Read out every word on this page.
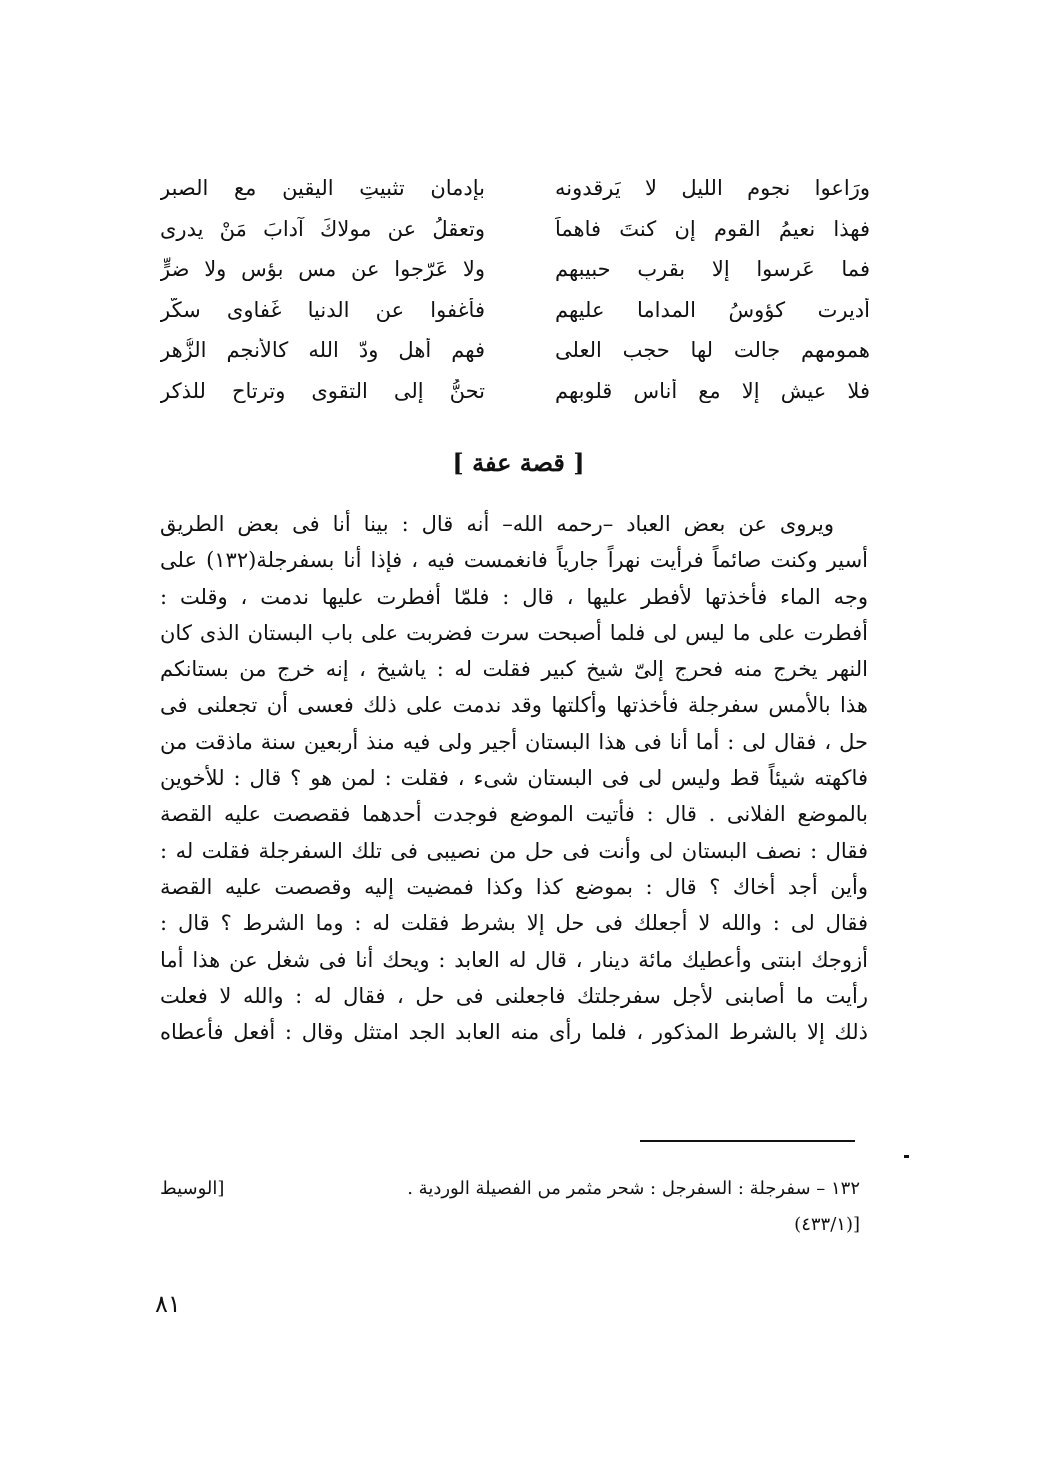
ورَاعوا نجوم الليل لا يَرقدونه
بإدمانِ تثبيتِ اليقينِ مع الصبرِ
فهذا نعيمُ القومِ إن كنتَ فاهماً
وتعقلُ عن مولاكَ آدابَ مَنْ يدرى
فما عَرسوا إلا بقربِ حبيبهم
ولا عَرّجوا عن مس بؤس ولا ضرٍّ
أُديرت كؤوسُ المداما عليهم
فأغفوا عن الدنيا غَفاوى سكَّرِ
همومهم جالت لها حجب العلى
فهم أهل ودّ الله كالأنجمِ الزُّهرِ
فلا عيش إلا مع أناسٍ قلوبهم
تحنُّ إلى التقوى وترتاح للذكرِ
[ قصة عفة ]
ويروى عن بعض العباد –رحمه الله– أنه قال : بينا أنا فى بعض الطريق
أسير وكنت صائماً فرأيت نهراً جارياً فانغمست فيه ، فإذا أنا بسفرجلة(١٣٢) على
وجه الماء فأخذتها لأفطر عليها ، قال : فلمّا أفطرت عليها ندمت ، وقلت :
أفطرت على ما ليس لى فلما أصبحت سرت فضربت على باب البستان الذى كان
النهر يخرج منه فحرج إلىّ شيخ كبير فقلت له : ياشيخ ، إنه خرج من بستانكم
هذا بالأمس سفرجلة فأخذتها وأكلتها وقد ندمت على ذلك فعسى أن تجعلنى فى
حل ، فقال لى : أما أنا فى هذا البستان أجير ولى فيه منذ أربعين سنة ماذقت من
فاكهته شيئاً قط وليس لى فى البستان شىء ، فقلت : لمن هو ؟ قال : للأخوين
بالموضع الفلانى . قال : فأتيت الموضع فوجدت أحدهما فقصصت عليه القصة
فقال : نصف البستان لى وأنت فى حل من نصيبى فى تلك السفرجلة فقلت له :
وأين أجد أخاك ؟ قال : بموضع كذا وكذا فمضيت إليه وقصصت عليه القصة
فقال لى : والله لا أجعلك فى حل إلا بشرط فقلت له : وما الشرط ؟ قال :
أزوجك ابنتى وأعطيك مائة دينار ، قال له العابد : ويحك أنا فى شغل عن هذا أما
رأيت ما أصابنى لأجل سفرجلتك فاجعلنى فى حل ، فقال له : والله لا فعلت
ذلك إلا بالشرط المذكور ، فلما رأى منه العابد الجد امتثل وقال : أفعل فأعطاه
١٣٢ – سفرجلة : السفرجل : شحر مثمر مں الفصيلة الوردية .
[الوسيط
[(٤٣٣/١)
٨١
